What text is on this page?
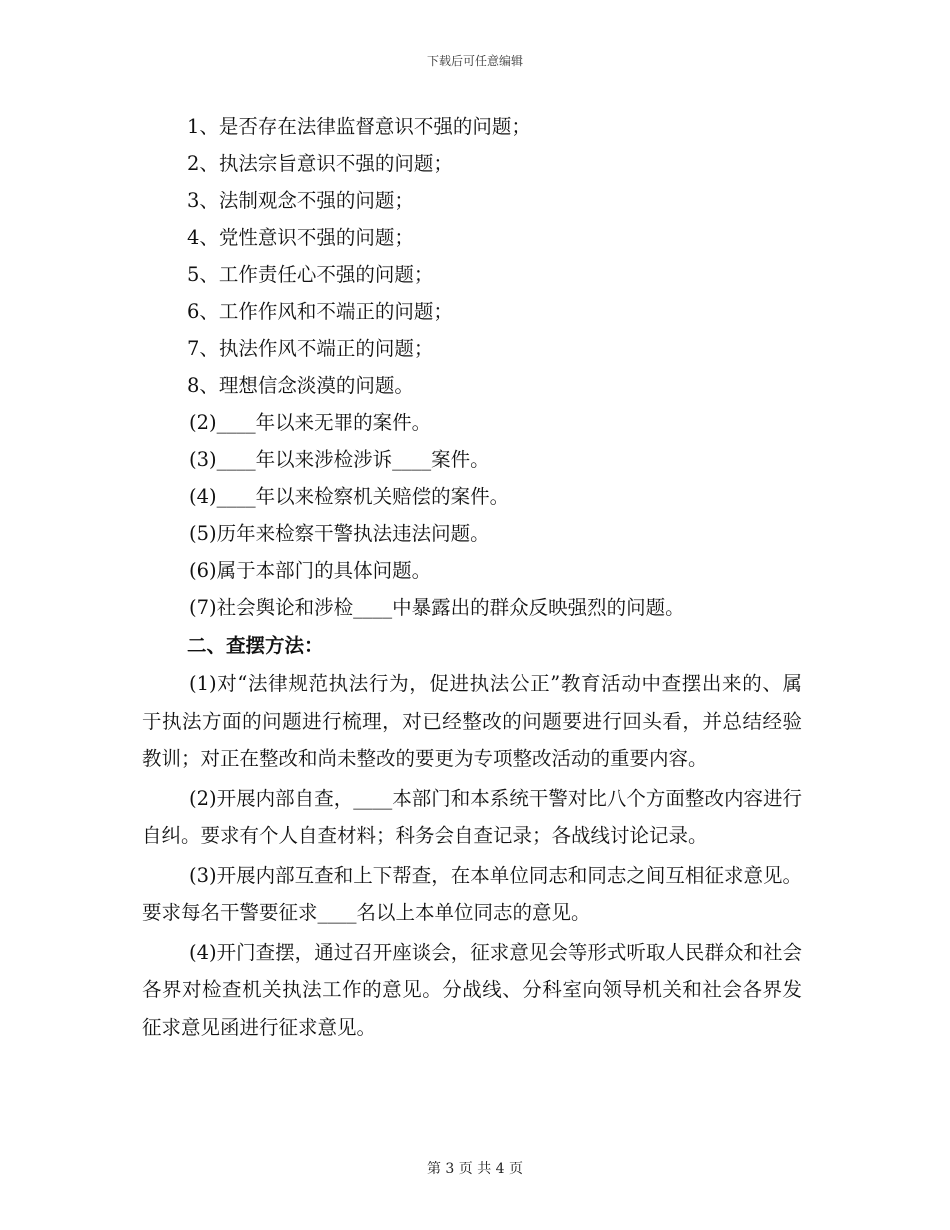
下载后可任意编辑
1、是否存在法律监督意识不强的问题；
2、执法宗旨意识不强的问题；
3、法制观念不强的问题；
4、党性意识不强的问题；
5、工作责任心不强的问题；
6、工作作风和不端正的问题；
7、执法作风不端正的问题；
8、理想信念淡漠的问题。
(2)____年以来无罪的案件。
(3)____年以来涉检涉诉____案件。
(4)____年以来检察机关赔偿的案件。
(5)历年来检察干警执法违法问题。
(6)属于本部门的具体问题。
(7)社会舆论和涉检____中暴露出的群众反映强烈的问题。
二、查摆方法：

(1)对“法律规范执法行为，促进执法公正”教育活动中查摆出来的、属于执法方面的问题进行梳理，对已经整改的问题要进行回头看，并总结经验教训；对正在整改和尚未整改的要更为专项整改活动的重要内容。

(2)开展内部自查，____本部门和本系统干警对比八个方面整改内容进行自纠。要求有个人自查材料；科务会自查记录；各战线讨论记录。

(3)开展内部互查和上下帮查，在本单位同志和同志之间互相征求意见。要求每名干警要征求____名以上本单位同志的意见。

(4)开门查摆，通过召开座谈会，征求意见会等形式听取人民群众和社会各界对检查机关执法工作的意见。分战线、分科室向领导机关和社会各界发征求意见函进行征求意见。

第 3 页 共 4 页
